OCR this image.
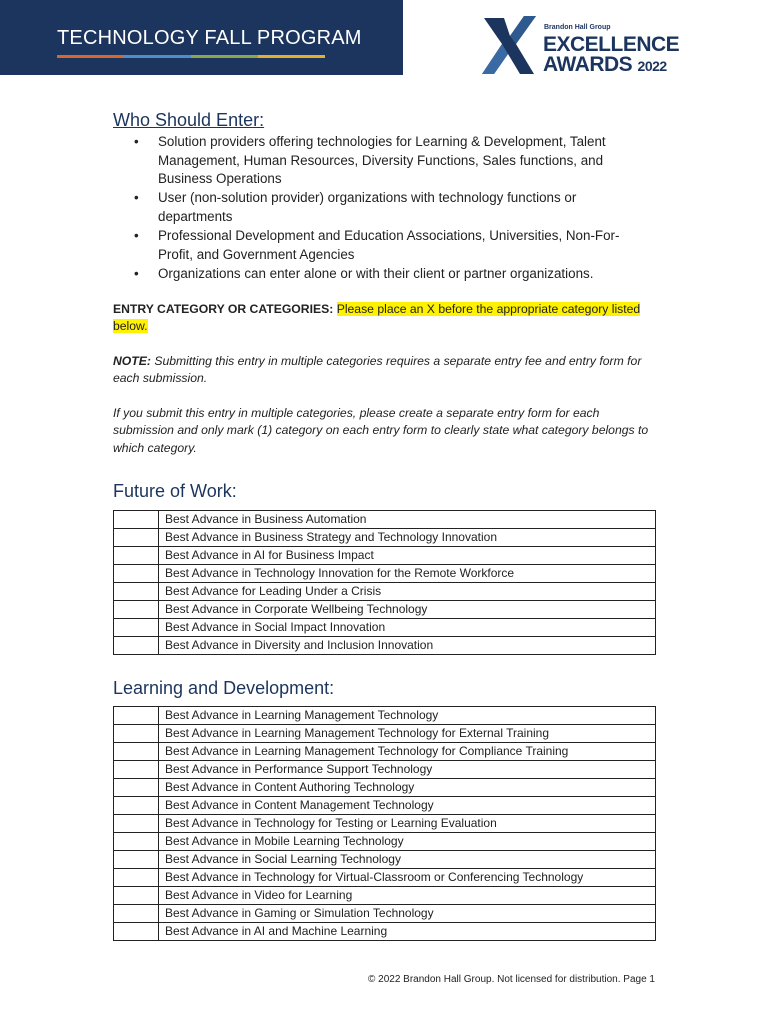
TECHNOLOGY FALL PROGRAM	Brandon Hall Group
EXCELLENCE
AWARDS 2022
Who Should Enter:
• Solution providers offering technologies for Learning & Development, Talent Management, Human Resources, Diversity Functions, Sales functions, and Business Operations
• User (non-solution provider) organizations with technology functions or departments
• Professional Development and Education Associations, Universities, Non-For-Profit, and Government Agencies
• Organizations can enter alone or with their client or partner organizations.
ENTRY CATEGORY OR CATEGORIES: Please place an X before the appropriate category listed below.
NOTE: Submitting this entry in multiple categories requires a separate entry fee and entry form for each submission.
If you submit this entry in multiple categories, please create a separate entry form for each submission and only mark (1) category on each entry form to clearly state what category belongs to which category.
Future of Work:
	Best Advance in Business Automation
	Best Advance in Business Strategy and Technology Innovation
	Best Advance in AI for Business Impact
	Best Advance in Technology Innovation for the Remote Workforce
	Best Advance for Leading Under a Crisis
	Best Advance in Corporate Wellbeing Technology
	Best Advance in Social Impact Innovation
	Best Advance in Diversity and Inclusion Innovation
Learning and Development:
	Best Advance in Learning Management Technology
	Best Advance in Learning Management Technology for External Training
	Best Advance in Learning Management Technology for Compliance Training
	Best Advance in Performance Support Technology
	Best Advance in Content Authoring Technology
	Best Advance in Content Management Technology
	Best Advance in Technology for Testing or Learning Evaluation
	Best Advance in Mobile Learning Technology
	Best Advance in Social Learning Technology
	Best Advance in Technology for Virtual-Classroom or Conferencing Technology
	Best Advance in Video for Learning
	Best Advance in Gaming or Simulation Technology
	Best Advance in AI and Machine Learning
© 2022 Brandon Hall Group. Not licensed for distribution. Page 1
